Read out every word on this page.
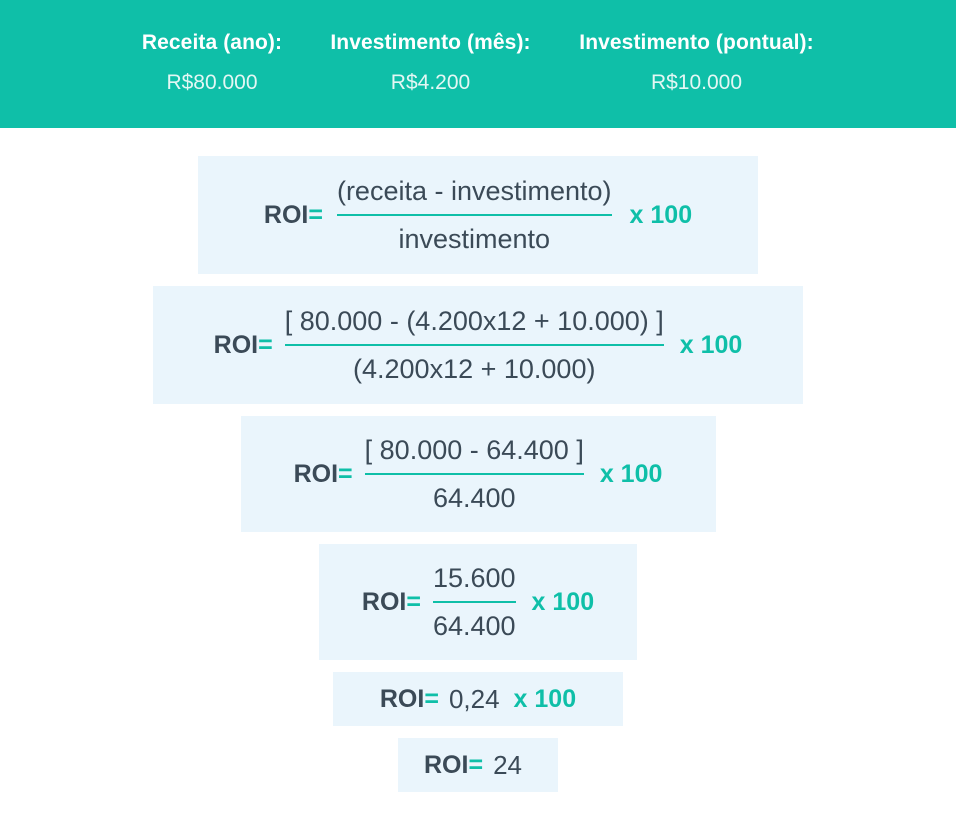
Receita (ano):
R$80.000
Investimento (mês):
R$4.200
Investimento (pontual):
R$10.000
$ROI= \frac{\text{(receita - investimento)}}{\text{investimento}}$ x 100
$ROI= \frac{[ 80.000 - (4.200x12 + 10.000) ]}{(4.200x12 + 10.000)}$ x 100
$ROI= \frac{[ 80.000 - 64.400 ]}{64.400}$ x 100
$ROI= \frac{15.600}{64.400}$ x 100
ROI= 0,24 x 100
ROI= 24
